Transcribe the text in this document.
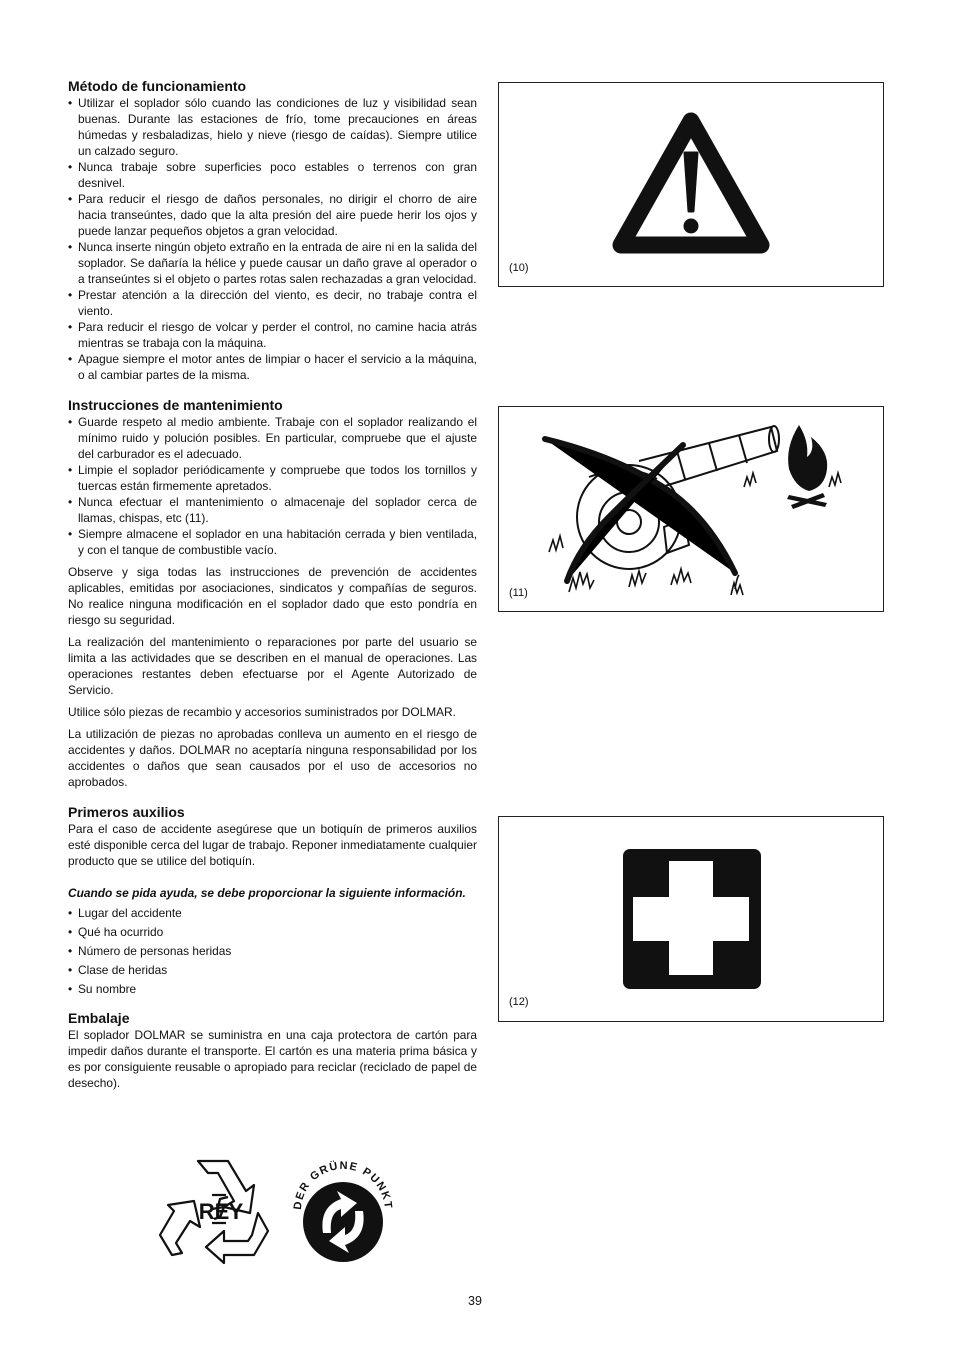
Método de funcionamiento
• Utilizar el soplador sólo cuando las condiciones de luz y visibilidad sean buenas. Durante las estaciones de frío, tome precauciones en áreas húmedas y resbaladizas, hielo y nieve (riesgo de caídas). Siempre utilice un calzado seguro.
• Nunca trabaje sobre superficies poco estables o terrenos con gran desnivel.
• Para reducir el riesgo de daños personales, no dirigir el chorro de aire hacia transeúntes, dado que la alta presión del aire puede herir los ojos y puede lanzar pequeños objetos a gran velocidad.
• Nunca inserte ningún objeto extraño en la entrada de aire ni en la salida del soplador. Se dañaría la hélice y puede causar un daño grave al operador o a transeúntes si el objeto o partes rotas salen rechazadas a gran velocidad.
• Prestar atención a la dirección del viento, es decir, no trabaje contra el viento.
• Para reducir el riesgo de volcar y perder el control, no camine hacia atrás mientras se trabaja con la máquina.
• Apague siempre el motor antes de limpiar o hacer el servicio a la máquina, o al cambiar partes de la misma.
Instrucciones de mantenimiento
• Guarde respeto al medio ambiente. Trabaje con el soplador realizando el mínimo ruido y polución posibles. En particular, compruebe que el ajuste del carburador es el adecuado.
• Limpie el soplador periódicamente y compruebe que todos los tornillos y tuercas están firmemente apretados.
• Nunca efectuar el mantenimiento o almacenaje del soplador cerca de llamas, chispas, etc (11).
• Siempre almacene el soplador en una habitación cerrada y bien ventilada, y con el tanque de combustible vacío.

Observe y siga todas las instrucciones de prevención de accidentes aplicables, emitidas por asociaciones, sindicatos y compañías de seguros. No realice ninguna modificación en el soplador dado que esto pondría en riesgo su seguridad.

La realización del mantenimiento o reparaciones por parte del usuario se limita a las actividades que se describen en el manual de operaciones. Las operaciones restantes deben efectuarse por el Agente Autorizado de Servicio.

Utilice sólo piezas de recambio y accesorios suministrados por DOLMAR.

La utilización de piezas no aprobadas conlleva un aumento en el riesgo de accidentes y daños. DOLMAR no aceptaría ninguna responsabilidad por los accidentes o daños que sean causados por el uso de accesorios no aprobados.

Primeros auxilios

Para el caso de accidente asegúrese que un botiquín de primeros auxilios esté disponible cerca del lugar de trabajo. Reponer inmediatamente cualquier producto que se utilice del botiquín.

Cuando se pida ayuda, se debe proporcionar la siguiente información.

• Lugar del accidente
• Qué ha ocurrido
• Número de personas heridas
• Clase de heridas
• Su nombre
Embalaje

El soplador DOLMAR se suministra en una caja protectora de cartón para impedir daños durante el transporte. El cartón es una materia prima básica y es por consiguiente reusable o apropiado para reciclar (reciclado de papel de desecho).

(10)
(11)
(12)
RE Y	DER GRÜNE PUNKT
39
